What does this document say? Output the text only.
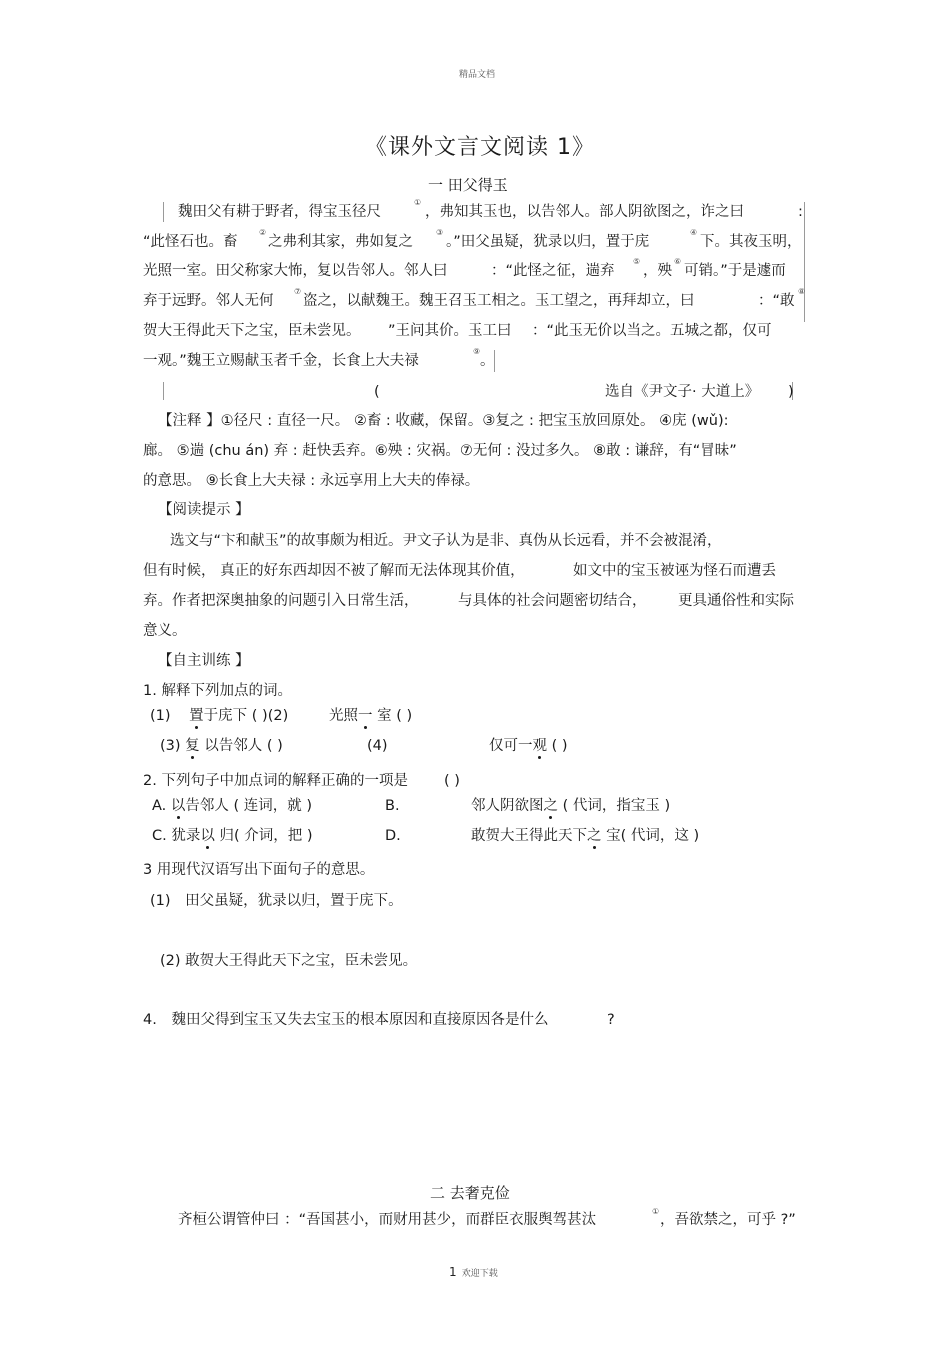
精品文档
《课外文言文阅读 1》
一 田父得玉
魏田父有耕于野者，得宝玉径尺
①
，弗知其玉也，以告邻人。部人阴欲图之，诈之曰	:
“此怪石也。畜
②
之弗利其家，弗如复之
③
。”田父虽疑，犹录以归，置于庑
④
下。其夜玉明，
光照一室。田父称家大怖，复以告邻人。邻人曰	：“此怪之征，遄弃
⑤
，殃
⑥
可销。”于是遽而
弃于远野。邻人无何
⑦
盗之，以献魏王。魏王召玉工相之。玉工望之，再拜却立，曰	：“敢
⑧
贺大王得此天下之宝，臣未尝见。 ”王问其价。玉工曰 ：“此玉无价以当之。五城之都，仅可
一观。”魏王立赐献玉者千金，长食上大夫禄
⑨
。
(	选自《尹文子· 大道上》 )
【注释 】①径尺 : 直径一尺。 ②畜 : 收藏，保留。③复之 : 把宝玉放回原处。 ④庑 (wǔ):
廊。 ⑤遄 (chu án) 弃 : 赶快丢弃。⑥殃 : 灾祸。⑦无何 : 没过多久。 ⑧敢 : 谦辞，有“冒昧”
的意思。 ⑨长食上大夫禄 : 永远享用上大夫的俸禄。
【阅读提示 】
选文与“卞和献玉”的故事颇为相近。尹文子认为是非、真伪从长远看，并不会被混淆，
但有时候， 真正的好东西却因不被了解而无法体现其价值，	如文中的宝玉被诬为怪石而遭丢
弃。作者把深奥抽象的问题引入日常生活，	与具体的社会问题密切结合， 更具通俗性和实际
意义。
【自主训练 】
1. 解释下列加点的词。
(1) 置于庑下 ( )(2)	光照一 室 ( )
(3) 复 以告邻人 ( )	(4)	仅可一观 ( )
2. 下列句子中加点词的解释正确的一项是 ( )
A. 以告邻人 ( 连词，就 )	B.	邻人阴欲图之 ( 代词，指宝玉 )
C. 犹录以 归( 介词，把 )	D.	敢贺大王得此天下之 宝( 代词，这 )
3 用现代汉语写出下面句子的意思。
(1) 田父虽疑，犹录以归，置于庑下。
(2) 敢贺大王得此天下之宝，臣未尝见。
4. 魏田父得到宝玉又失去宝玉的根本原因和直接原因各是什么	?
二 去奢克俭
齐桓公谓管仲曰 ：“吾国甚小，而财用甚少，而群臣衣服舆驾甚汰
①
，吾欲禁之，可乎 ?”
1 欢迎下载
